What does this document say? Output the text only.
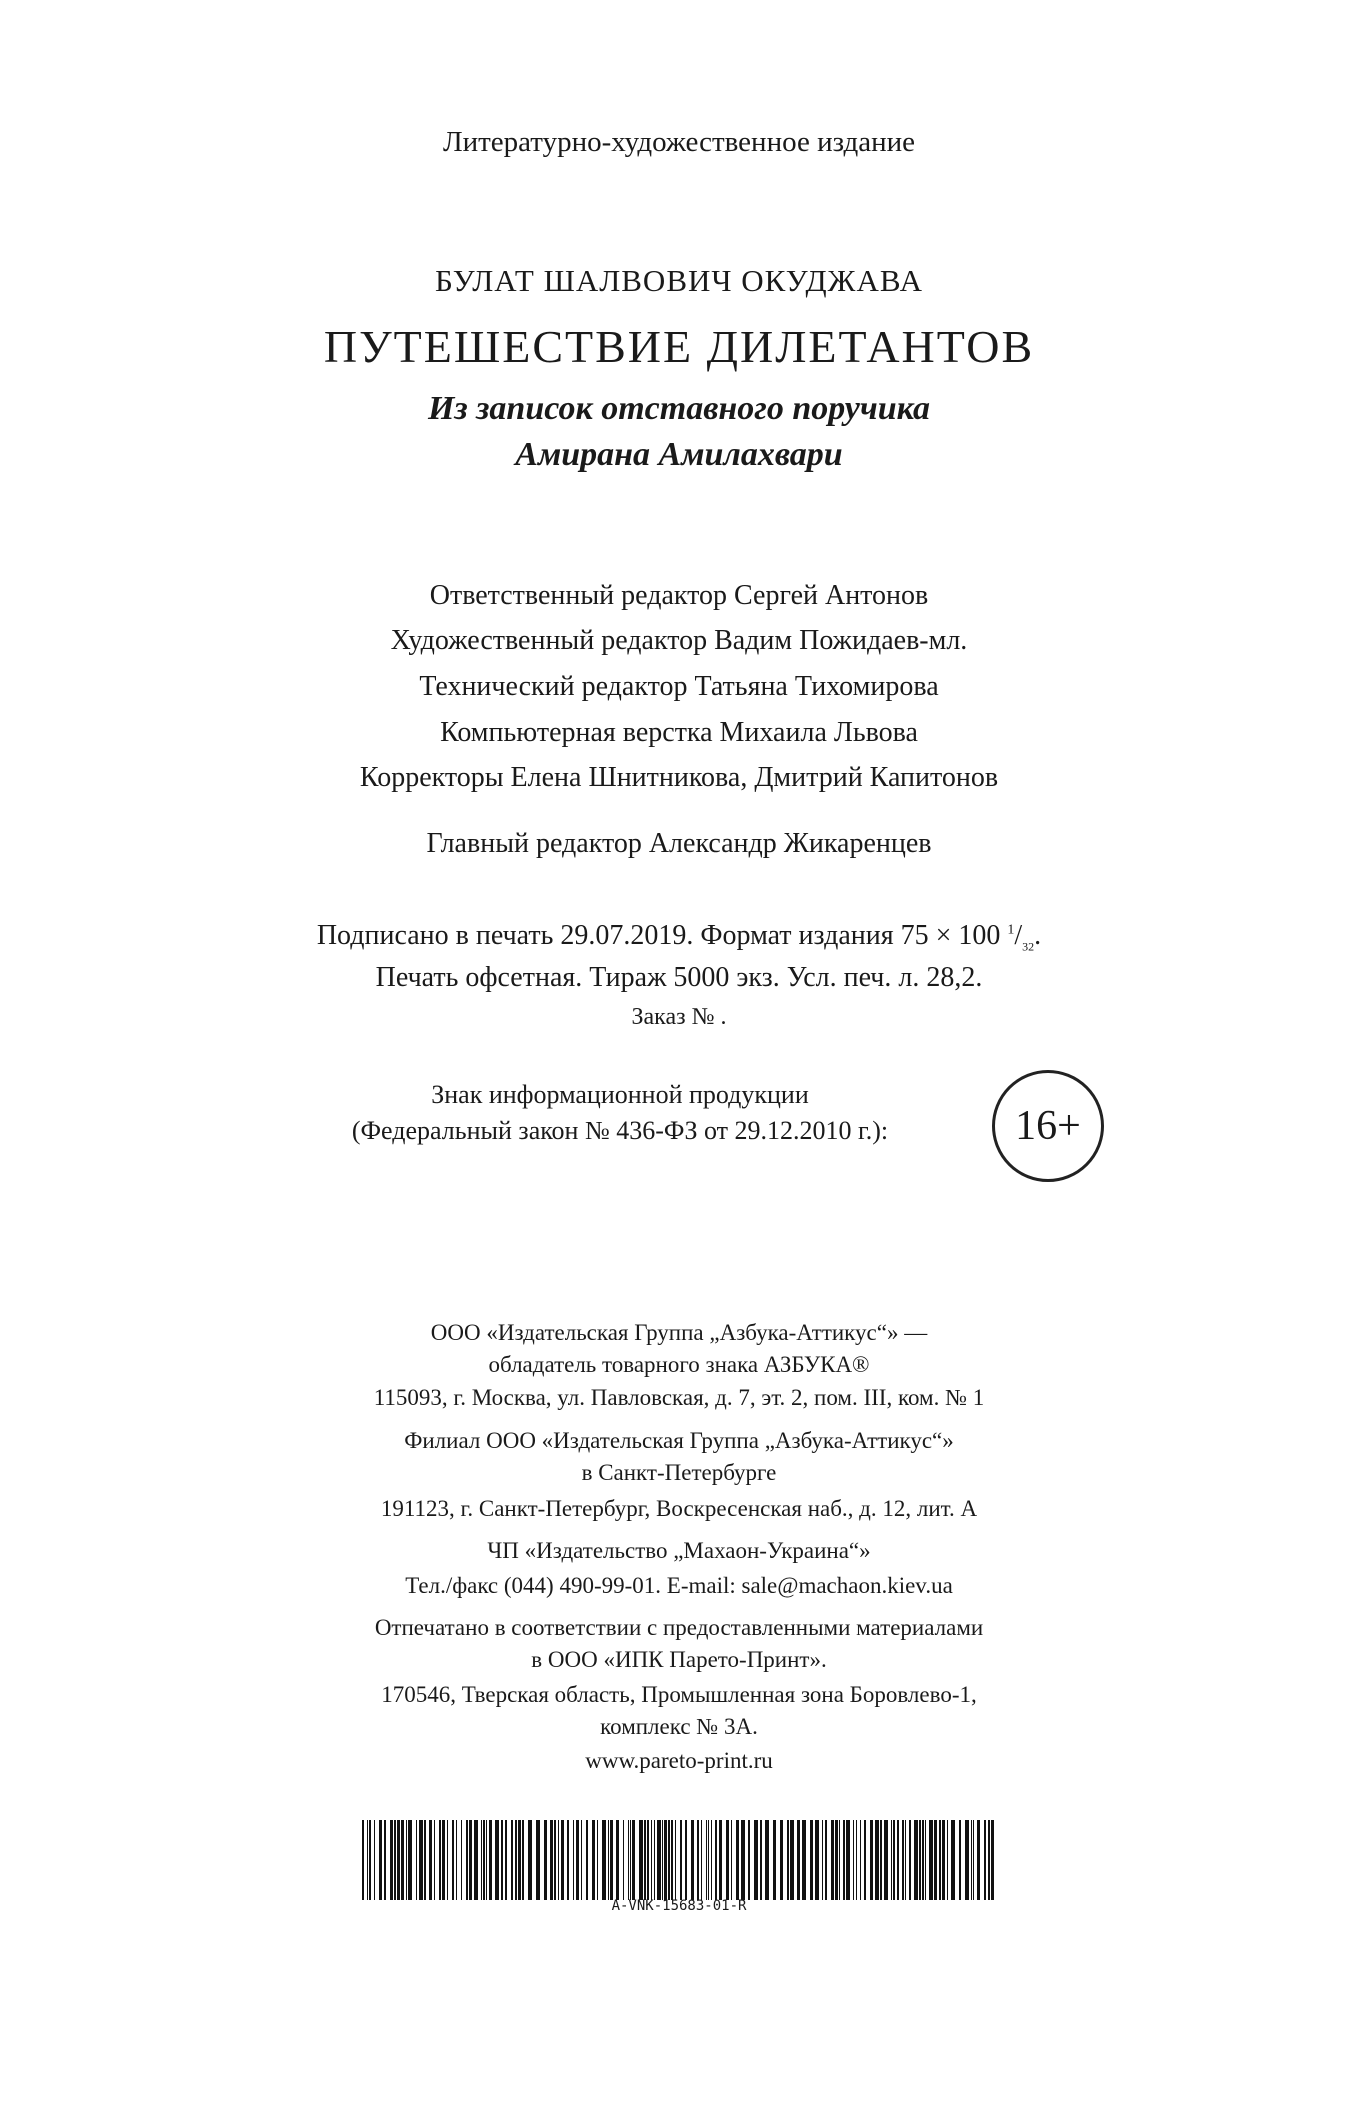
Литературно-художественное издание
БУЛАТ ШАЛВОВИЧ ОКУДЖАВА
ПУТЕШЕСТВИЕ ДИЛЕТАНТОВ
Из записок отставного поручика
Амирана Амилахвари
Ответственный редактор Сергей Антонов
Художественный редактор Вадим Пожидаев-мл.
Технический редактор Татьяна Тихомирова
Компьютерная верстка Михаила Львова
Корректоры Елена Шнитникова, Дмитрий Капитонов
Главный редактор Александр Жикаренцев
Подписано в печать 29.07.2019. Формат издания 75 × 100 $^1/_{32}$.
Печать офсетная. Тираж 5000 экз. Усл. печ. л. 28,2.
Заказ № .
Знак информационной продукции
(Федеральный закон № 436-ФЗ от 29.12.2010 г.):	16+
ООО «Издательская Группа „Азбука-Аттикус“» —
обладатель товарного знака АЗБУКА®
115093, г. Москва, ул. Павловская, д. 7, эт. 2, пом. III, ком. № 1
Филиал ООО «Издательская Группа „Азбука-Аттикус“»
в Санкт-Петербурге
191123, г. Санкт-Петербург, Воскресенская наб., д. 12, лит. А
ЧП «Издательство „Махаон-Украина“»
Тел./факс (044) 490-99-01. E-mail: sale@machaon.kiev.ua
Отпечатано в соответствии с предоставленными материалами
в ООО «ИПК Парето-Принт».
170546, Тверская область, Промышленная зона Боровлево-1,
комплекс № 3А.
www.pareto-print.ru
A-VNK-15683-01-R
